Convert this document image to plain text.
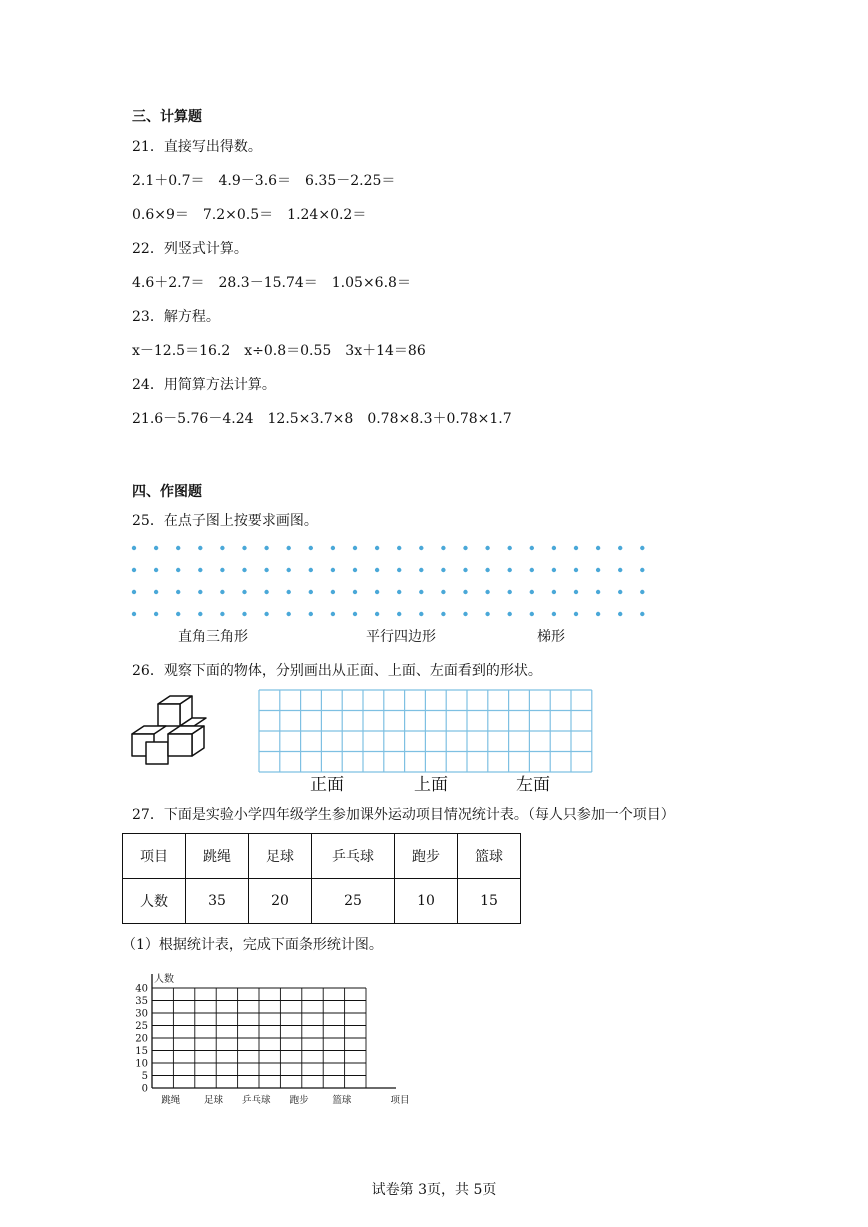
三、计算题
21．直接写出得数。
2.1＋0.7＝　4.9－3.6＝　6.35－2.25＝
0.6×9＝　7.2×0.5＝　1.24×0.2＝
22．列竖式计算。
4.6＋2.7＝　28.3－15.74＝　1.05×6.8＝
23．解方程。
x－12.5＝16.2　x÷0.8＝0.55　3x＋14＝86
24．用简算方法计算。
21.6－5.76－4.24　12.5×3.7×8　0.78×8.3＋0.78×1.7
四、作图题
25．在点子图上按要求画图。
直角三角形	平行四边形	梯形
26．观察下面的物体，分别画出从正面、上面、左面看到的形状。
正面	上面	左面
27．下面是实验小学四年级学生参加课外运动项目情况统计表。（每人只参加一个项目）
项目	跳绳	足球	乒乓球	跑步	篮球
人数	35	20	25	10	15
（1）根据统计表，完成下面条形统计图。
人数
40
35
30
25
20
15
10
5
0
跳绳	足球 乒乓球 跑步	篮球	项目
试卷第 3页，共 5页
